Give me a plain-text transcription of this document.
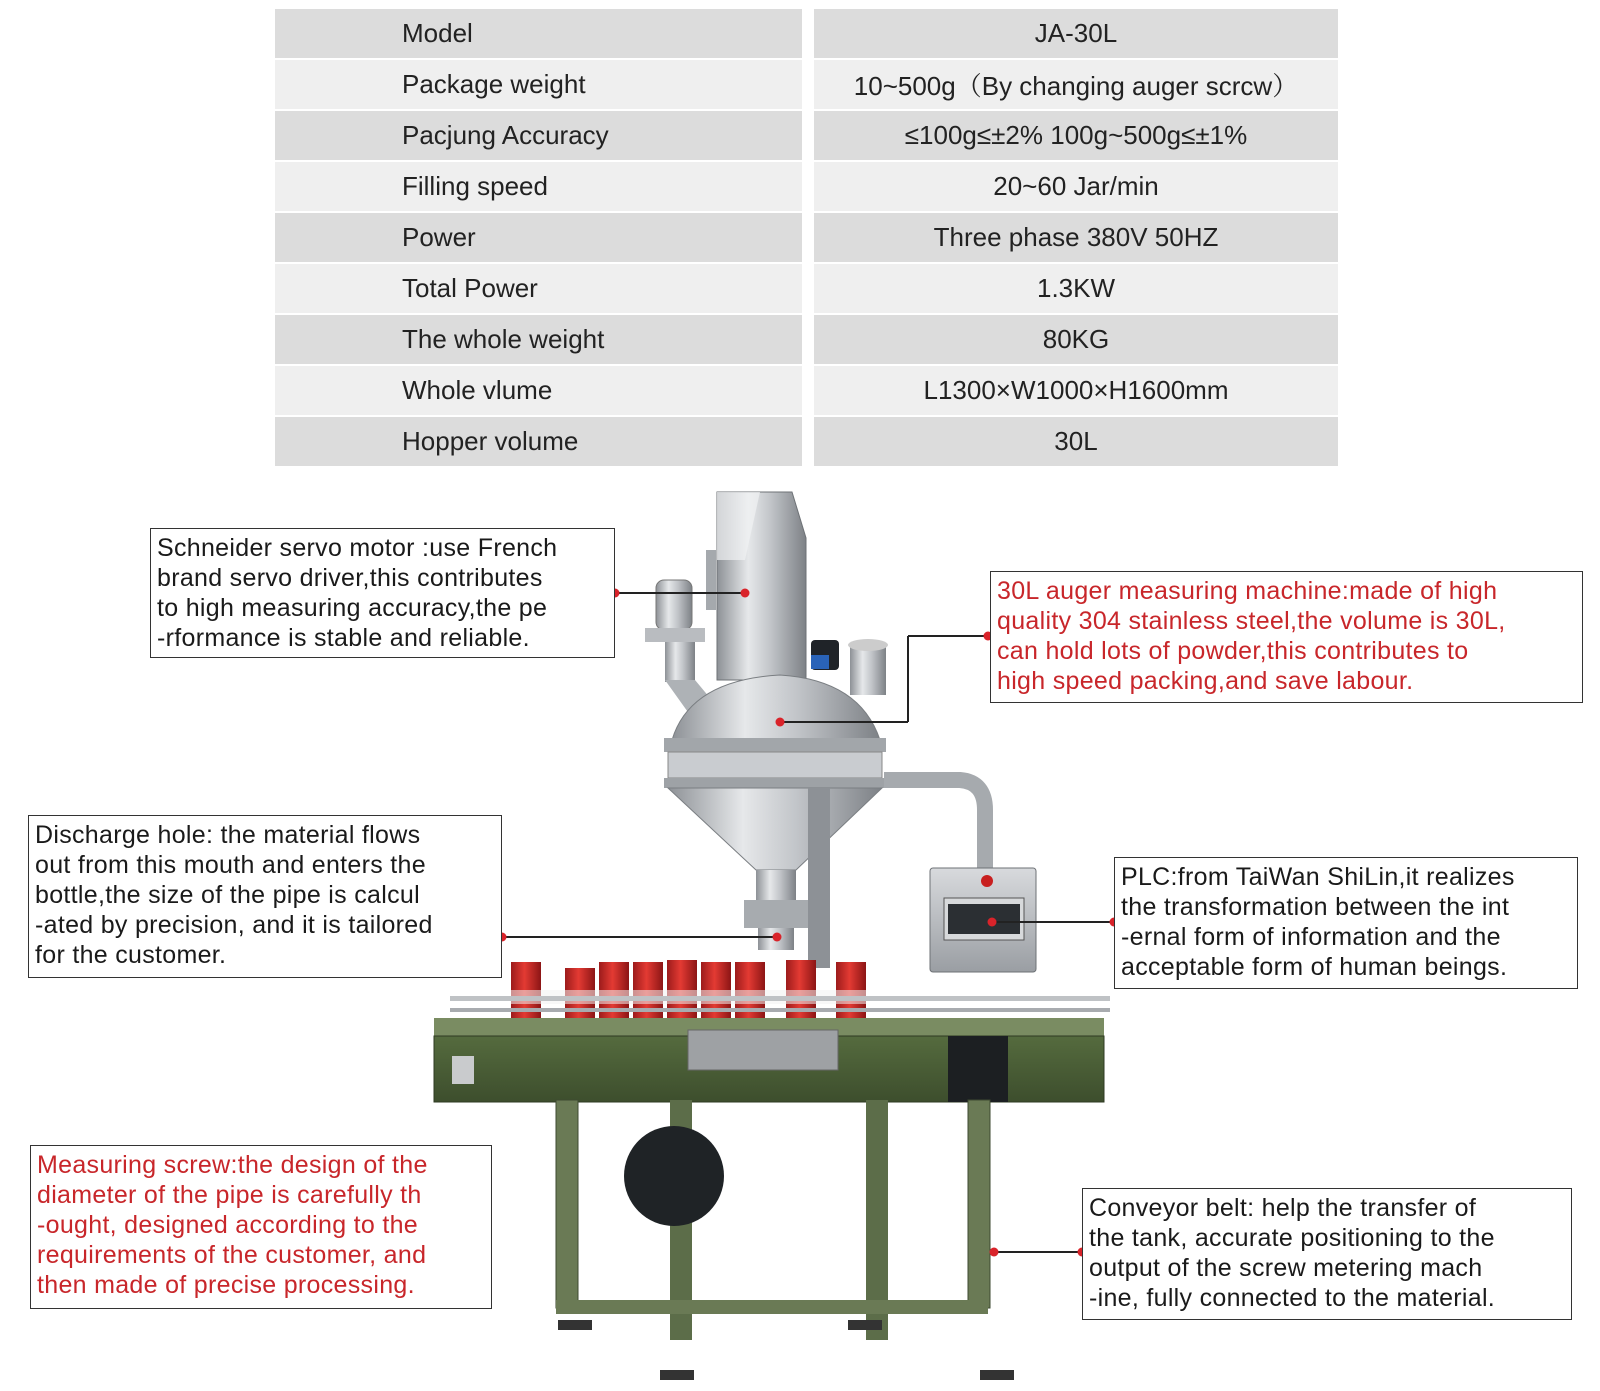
Model	JA-30L
Package weight	10~500g（By changing auger scrcw）
Pacjung Accuracy	≤100g≤±2% 100g~500g≤±1%
Filling speed	20~60 Jar/min
Power	Three phase 380V 50HZ
Total Power	1.3KW
The whole weight	80KG
Whole vlume	L1300×W1000×H1600mm
Hopper volume	30L
Schneider servo motor :use French
brand servo driver,this contributes
to high measuring accuracy,the pe
-rformance is stable and reliable.
30L auger measuring machine:made of high
quality 304 stainless steel,the volume is 30L,
can hold lots of powder,this contributes to
high speed packing,and save labour.
Discharge hole: the material flows
out from this mouth and enters the
bottle,the size of the pipe is calcul
-ated by precision, and it is tailored
for the customer.
PLC:from TaiWan ShiLin,it realizes
the transformation between the int
-ernal form of information and the
acceptable form of human beings.
Measuring screw:the design of the
diameter of the pipe is carefully th
-ought, designed according to the
requirements of the customer, and
then made of precise processing.
Conveyor belt: help the transfer of
the tank, accurate positioning to the
output of the screw metering mach
-ine, fully connected to the material.
